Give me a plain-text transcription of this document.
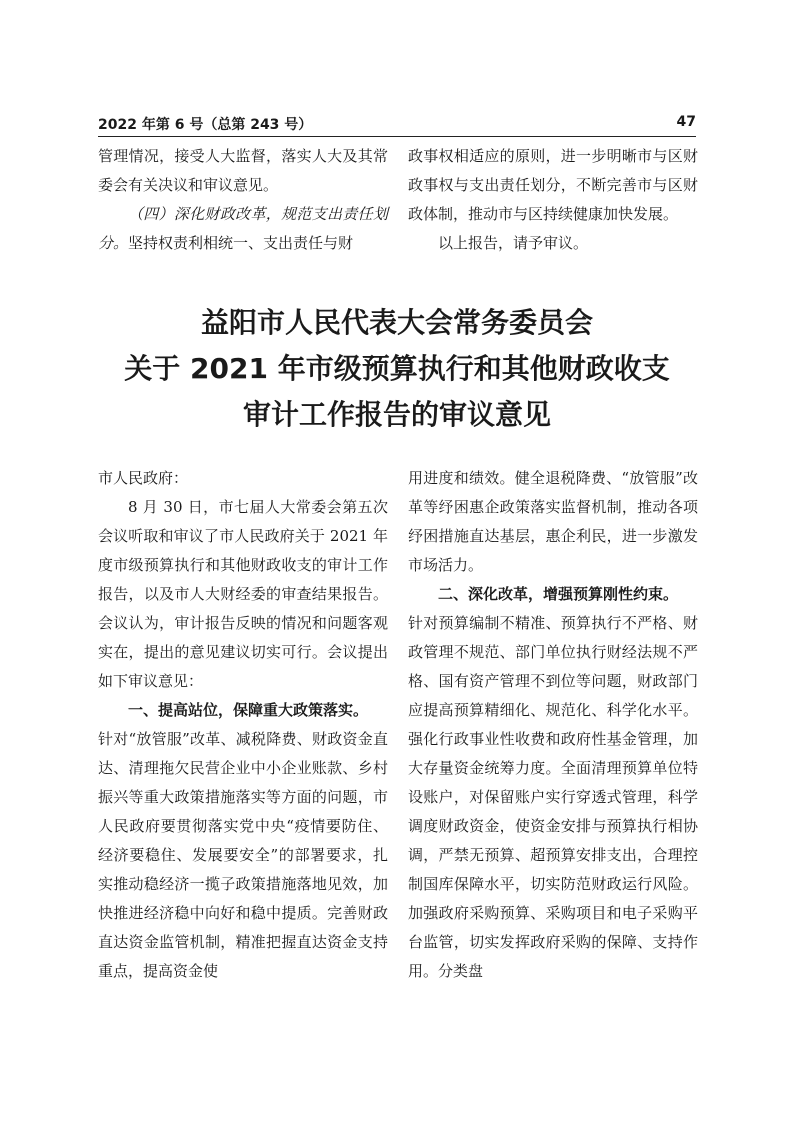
2022 年第 6 号（总第 243 号）	47

管理情况，接受人大监督，落实人大及其常委会有关决议和审议意见。

（四）深化财政改革，规范支出责任划分。坚持权责利相统一、支出责任与财

政事权相适应的原则，进一步明晰市与区财政事权与支出责任划分，不断完善市与区财政体制，推动市与区持续健康加快发展。

以上报告，请予审议。

益阳市人民代表大会常务委员会
关于 2021 年市级预算执行和其他财政收支
审计工作报告的审议意见

市人民政府：

8 月 30 日，市七届人大常委会第五次会议听取和审议了市人民政府关于 2021 年度市级预算执行和其他财政收支的审计工作报告，以及市人大财经委的审查结果报告。会议认为，审计报告反映的情况和问题客观实在，提出的意见建议切实可行。会议提出如下审议意见：

一、提高站位，保障重大政策落实。

针对“放管服”改革、减税降费、财政资金直达、清理拖欠民营企业中小企业账款、乡村振兴等重大政策措施落实等方面的问题，市人民政府要贯彻落实党中央“疫情要防住、经济要稳住、发展要安全”的部署要求，扎实推动稳经济一揽子政策措施落地见效，加快推进经济稳中向好和稳中提质。完善财政直达资金监管机制，精准把握直达资金支持重点，提高资金使

用进度和绩效。健全退税降费、“放管服”改革等纾困惠企政策落实监督机制，推动各项纾困措施直达基层，惠企利民，进一步激发市场活力。

二、深化改革，增强预算刚性约束。

针对预算编制不精准、预算执行不严格、财政管理不规范、部门单位执行财经法规不严格、国有资产管理不到位等问题，财政部门应提高预算精细化、规范化、科学化水平。强化行政事业性收费和政府性基金管理，加大存量资金统筹力度。全面清理预算单位特设账户，对保留账户实行穿透式管理，科学调度财政资金，使资金安排与预算执行相协调，严禁无预算、超预算安排支出，合理控制国库保障水平，切实防范财政运行风险。加强政府采购预算、采购项目和电子采购平台监管，切实发挥政府采购的保障、支持作用。分类盘
